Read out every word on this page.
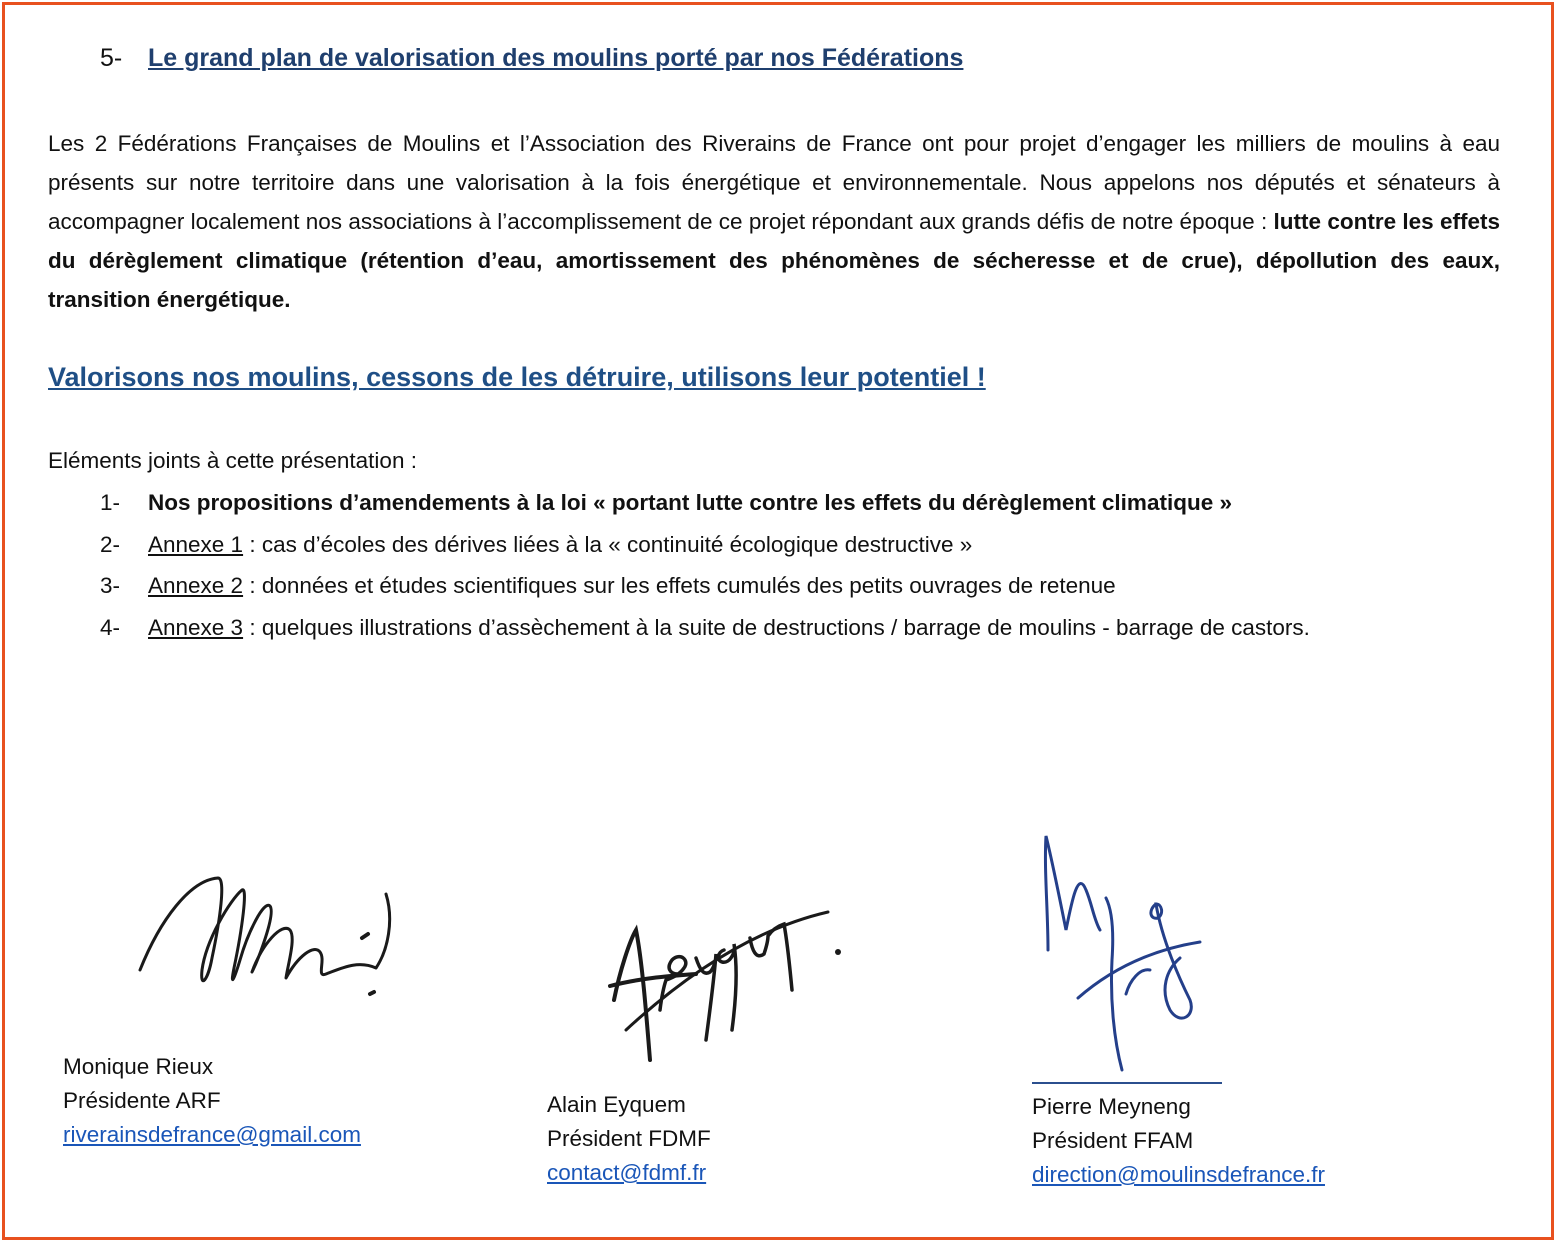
5- Le grand plan de valorisation des moulins porté par nos Fédérations
Les 2 Fédérations Françaises de Moulins et l’Association des Riverains de France ont pour projet d’engager les milliers de moulins à eau présents sur notre territoire dans une valorisation à la fois énergétique et environnementale. Nous appelons nos députés et sénateurs à accompagner localement nos associations à l’accomplissement de ce projet répondant aux grands défis de notre époque : lutte contre les effets du dérèglement climatique (rétention d’eau, amortissement des phénomènes de sécheresse et de crue), dépollution des eaux, transition énergétique.
Valorisons nos moulins, cessons de les détruire, utilisons leur potentiel !
Eléments joints à cette présentation :
1- Nos propositions d’amendements à la loi « portant lutte contre les effets du dérèglement climatique »
2- Annexe 1 : cas d’écoles des dérives liées à la « continuité écologique destructive »
3- Annexe 2 : données et études scientifiques sur les effets cumulés des petits ouvrages de retenue
4- Annexe 3 : quelques illustrations d’assèchement à la suite de destructions / barrage de moulins - barrage de castors.
Monique Rieux
Présidente ARF
riverainsdefrance@gmail.com
Alain Eyquem
Président FDMF
contact@fdmf.fr
Pierre Meyneng
Président FFAM
direction@moulinsdefrance.fr
